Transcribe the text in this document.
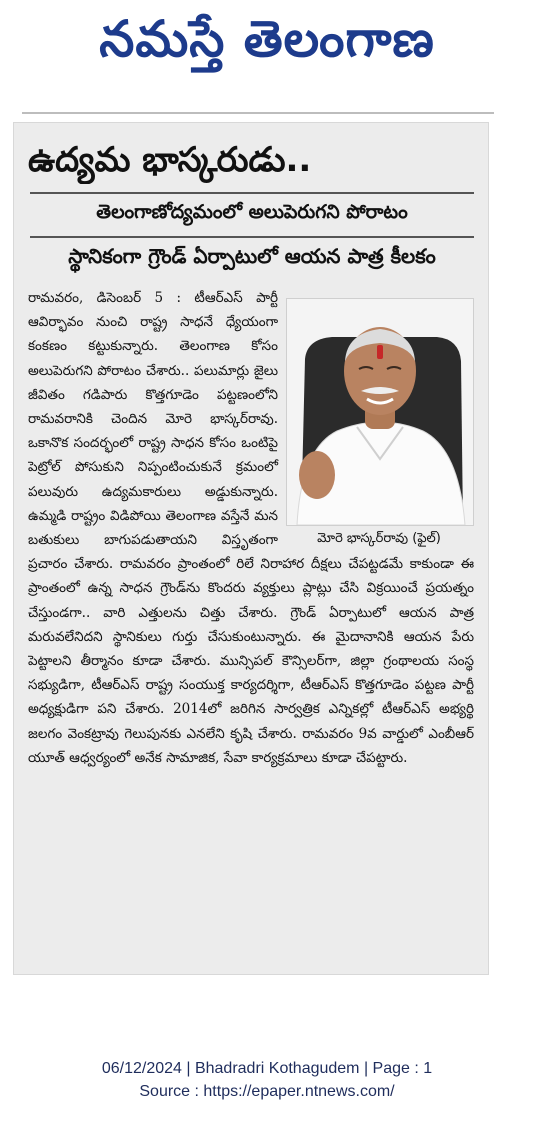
నమస్తే తెలంగాణ
ఉద్యమ భాస్కరుడు..
తెలంగాణోద్యమంలో అలుపెరుగని పోరాటం
స్థానికంగా గ్రౌండ్ ఏర్పాటులో ఆయన పాత్ర కీలకం
రామవరం, డిసెంబర్ 5 : టీఆర్‌ఎస్ పార్టీ ఆవిర్భావం నుంచి రాష్ట్ర సాధనే ధ్యేయంగా కంకణం కట్టుకున్నారు. తెలంగాణ కోసం అలుపెరుగని పోరాటం చేశారు.. పలుమార్లు జైలు జీవితం గడిపారు కొత్తగూడెం పట్టణంలోని రామవరానికి చెందిన మోరె భాస్కర్‌రావు. ఒకానొక సందర్భంలో రాష్ట్ర సాధన కోసం ఒంటిపై పెట్రోల్ పోసుకుని నిప్పంటించుకునే క్రమంలో పలువురు ఉద్యమకారులు అడ్డుకున్నారు. ఉమ్మడి రాష్ట్రం విడిపోయి తెలంగాణ వస్తేనే మన బతుకులు బాగుపడుతాయని విస్తృతంగా ప్రచారం చేశారు. రామవరం ప్రాంతంలో రిలే నిరాహార దీక్షలు చేపట్టడమే కాకుండా ఈ ప్రాంతంలో ఉన్న సాధన గ్రౌండ్‌ను కొందరు వ్యక్తులు ప్లాట్లు చేసి విక్రయించే ప్రయత్నం చేస్తుండగా.. వారి ఎత్తులను చిత్తు చేశారు. గ్రౌండ్ ఏర్పాటులో ఆయన పాత్ర మరువలేనిదని స్థానికులు గుర్తు చేసుకుంటున్నారు. ఈ మైదానానికి ఆయన పేరు పెట్టాలని తీర్మానం కూడా చేశారు. మున్సిపల్ కౌన్సిలర్‌గా, జిల్లా గ్రంథాలయ సంస్థ సభ్యుడిగా, టీఆర్‌ఎస్ రాష్ట్ర సంయుక్త కార్యదర్శిగా, టీఆర్‌ఎస్ కొత్తగూడెం పట్టణ పార్టీ అధ్యక్షుడిగా పని చేశారు. 2014లో జరిగిన సార్వత్రిక ఎన్నికల్లో టీఆర్‌ఎస్ అభ్యర్థి జలగం వెంకట్రావు గెలుపునకు ఎనలేని కృషి చేశారు. రామవరం 9వ వార్డులో ఎంబీఆర్ యూత్ ఆధ్వర్యంలో అనేక సామాజిక, సేవా కార్యక్రమాలు కూడా చేపట్టారు.
మోరె భాస్కర్‌రావు (ఫైల్)
06/12/2024 | Bhadradri Kothagudem | Page : 1
Source : https://epaper.ntnews.com/
